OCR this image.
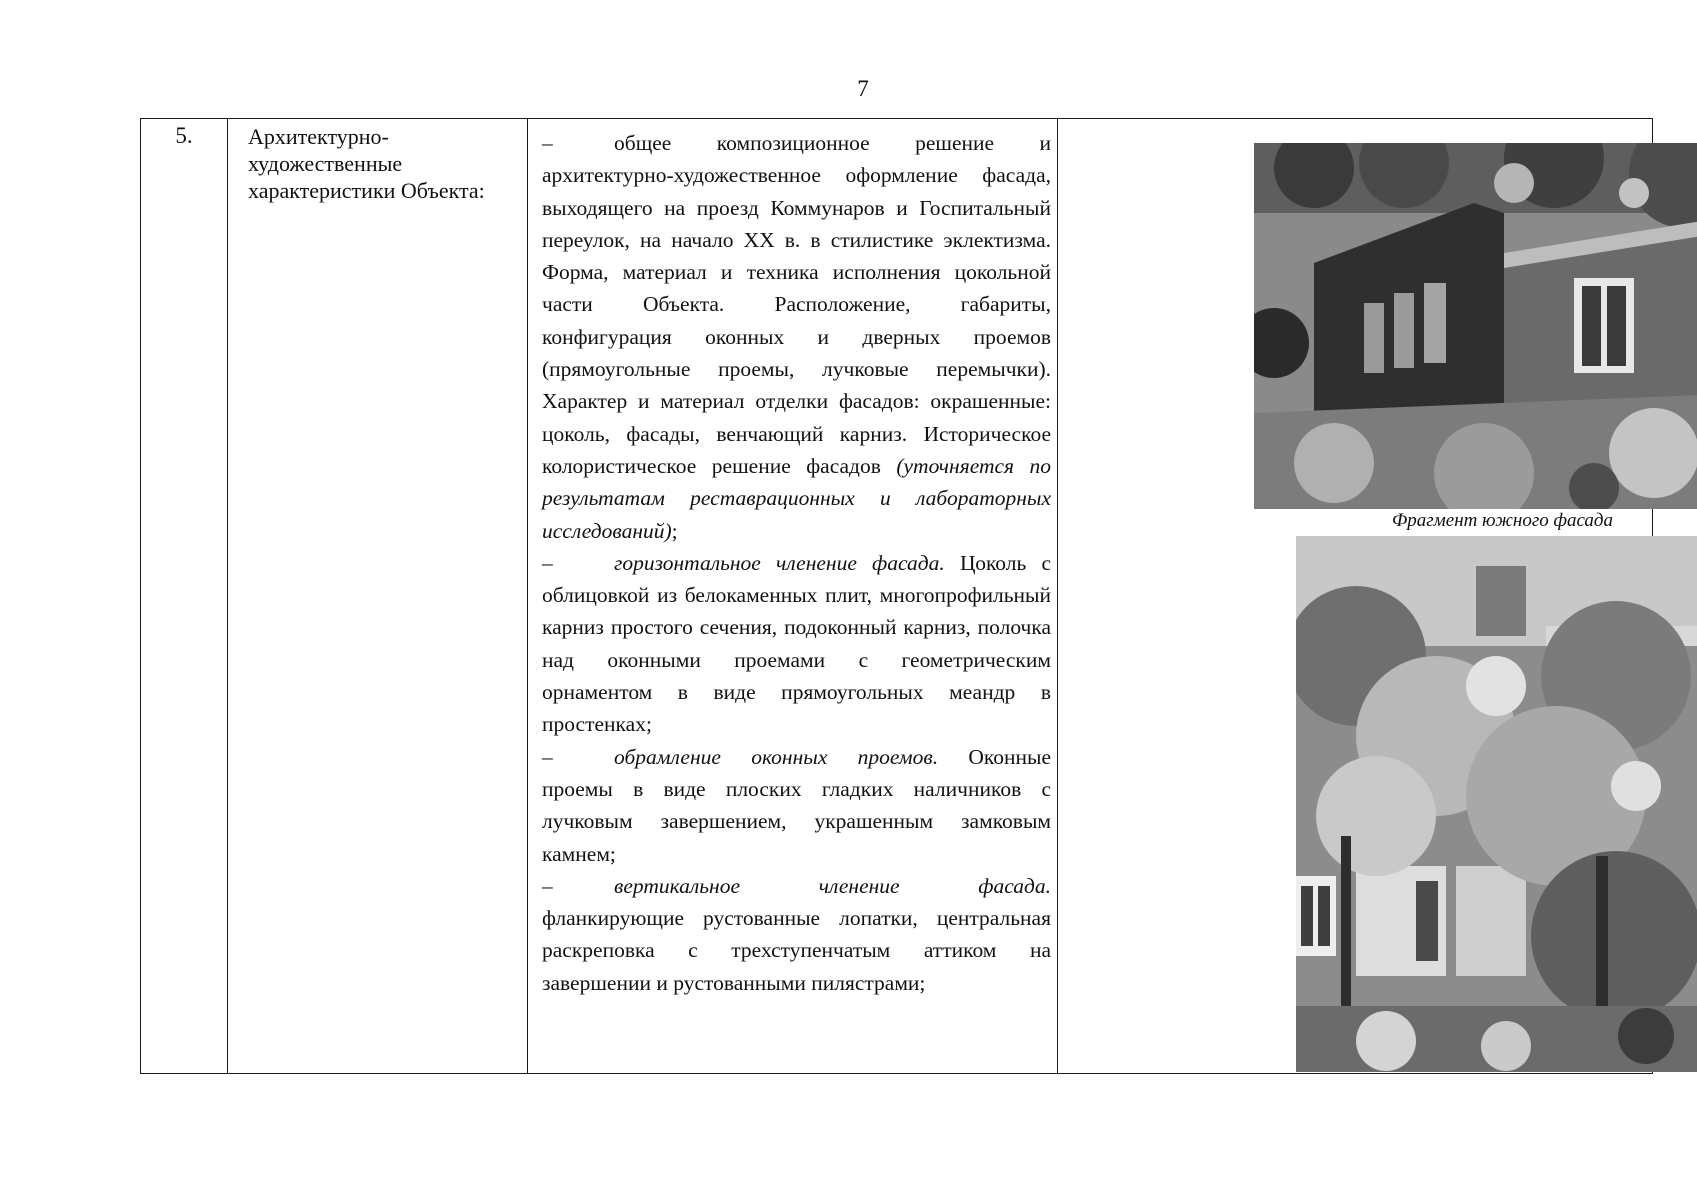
7
5.	Архитектурно-
художественные
характеристики Объекта:

–	общее композиционное решение и архитектурно-художественное оформление фасада, выходящего на проезд Коммунаров и Госпитальный переулок, на начало XX в. в стилистике эклектизма. Форма, материал и техника исполнения цокольной части Объекта. Расположение, габариты, конфигурация оконных и дверных проемов (прямоугольные проемы, лучковые перемычки). Характер и материал отделки фасадов: окрашенные: цоколь, фасады, венчающий карниз. Историческое колористическое решение фасадов (уточняется по результатам реставрационных и лабораторных исследований);

–	горизонтальное членение фасада. Цоколь с облицовкой из белокаменных плит, многопрофильный карниз простого сечения, подоконный карниз, полочка над оконными проемами с геометрическим орнаментом в виде прямоугольных меандр в простенках;

–	обрамление оконных проемов. Оконные проемы в виде плоских гладких наличников с лучковым завершением, украшенным замковым камнем;

–	вертикальное членение фасада. фланкирующие рустованные лопатки, центральная раскреповка с трехступенчатым аттиком на завершении и рустованными пилястрами;

Фрагмент южного фасада
